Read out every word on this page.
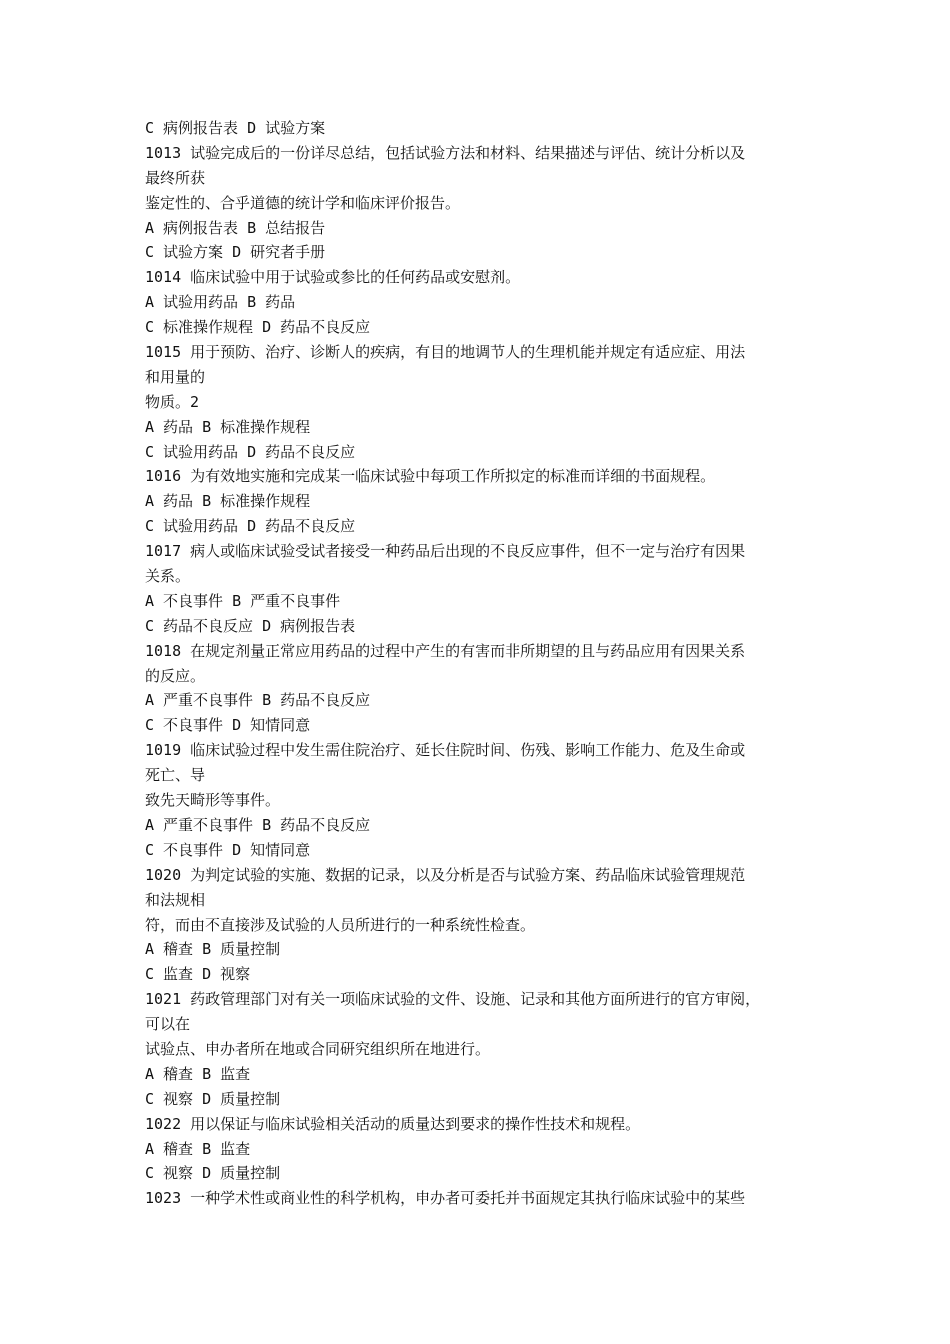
C 病例报告表 D 试验方案
1013 试验完成后的一份详尽总结，包括试验方法和材料、结果描述与评估、统计分析以及
最终所获
鉴定性的、合乎道德的统计学和临床评价报告。
A 病例报告表 B 总结报告
C 试验方案 D 研究者手册
1014 临床试验中用于试验或参比的任何药品或安慰剂。
A 试验用药品 B 药品
C 标准操作规程 D 药品不良反应
1015 用于预防、治疗、诊断人的疾病，有目的地调节人的生理机能并规定有适应症、用法
和用量的
物质。2
A 药品 B 标准操作规程
C 试验用药品 D 药品不良反应
1016 为有效地实施和完成某一临床试验中每项工作所拟定的标准而详细的书面规程。
A 药品 B 标准操作规程
C 试验用药品 D 药品不良反应
1017 病人或临床试验受试者接受一种药品后出现的不良反应事件，但不一定与治疗有因果
关系。
A 不良事件 B 严重不良事件
C 药品不良反应 D 病例报告表
1018 在规定剂量正常应用药品的过程中产生的有害而非所期望的且与药品应用有因果关系
的反应。
A 严重不良事件 B 药品不良反应
C 不良事件 D 知情同意
1019 临床试验过程中发生需住院治疗、延长住院时间、伤残、影响工作能力、危及生命或
死亡、导
致先天畸形等事件。
A 严重不良事件 B 药品不良反应
C 不良事件 D 知情同意
1020 为判定试验的实施、数据的记录，以及分析是否与试验方案、药品临床试验管理规范
和法规相
符，而由不直接涉及试验的人员所进行的一种系统性检查。
A 稽查 B 质量控制
C 监查 D 视察
1021 药政管理部门对有关一项临床试验的文件、设施、记录和其他方面所进行的官方审阅，
可以在
试验点、申办者所在地或合同研究组织所在地进行。
A 稽查 B 监查
C 视察 D 质量控制
1022 用以保证与临床试验相关活动的质量达到要求的操作性技术和规程。
A 稽查 B 监查
C 视察 D 质量控制
1023 一种学术性或商业性的科学机构，申办者可委托并书面规定其执行临床试验中的某些
